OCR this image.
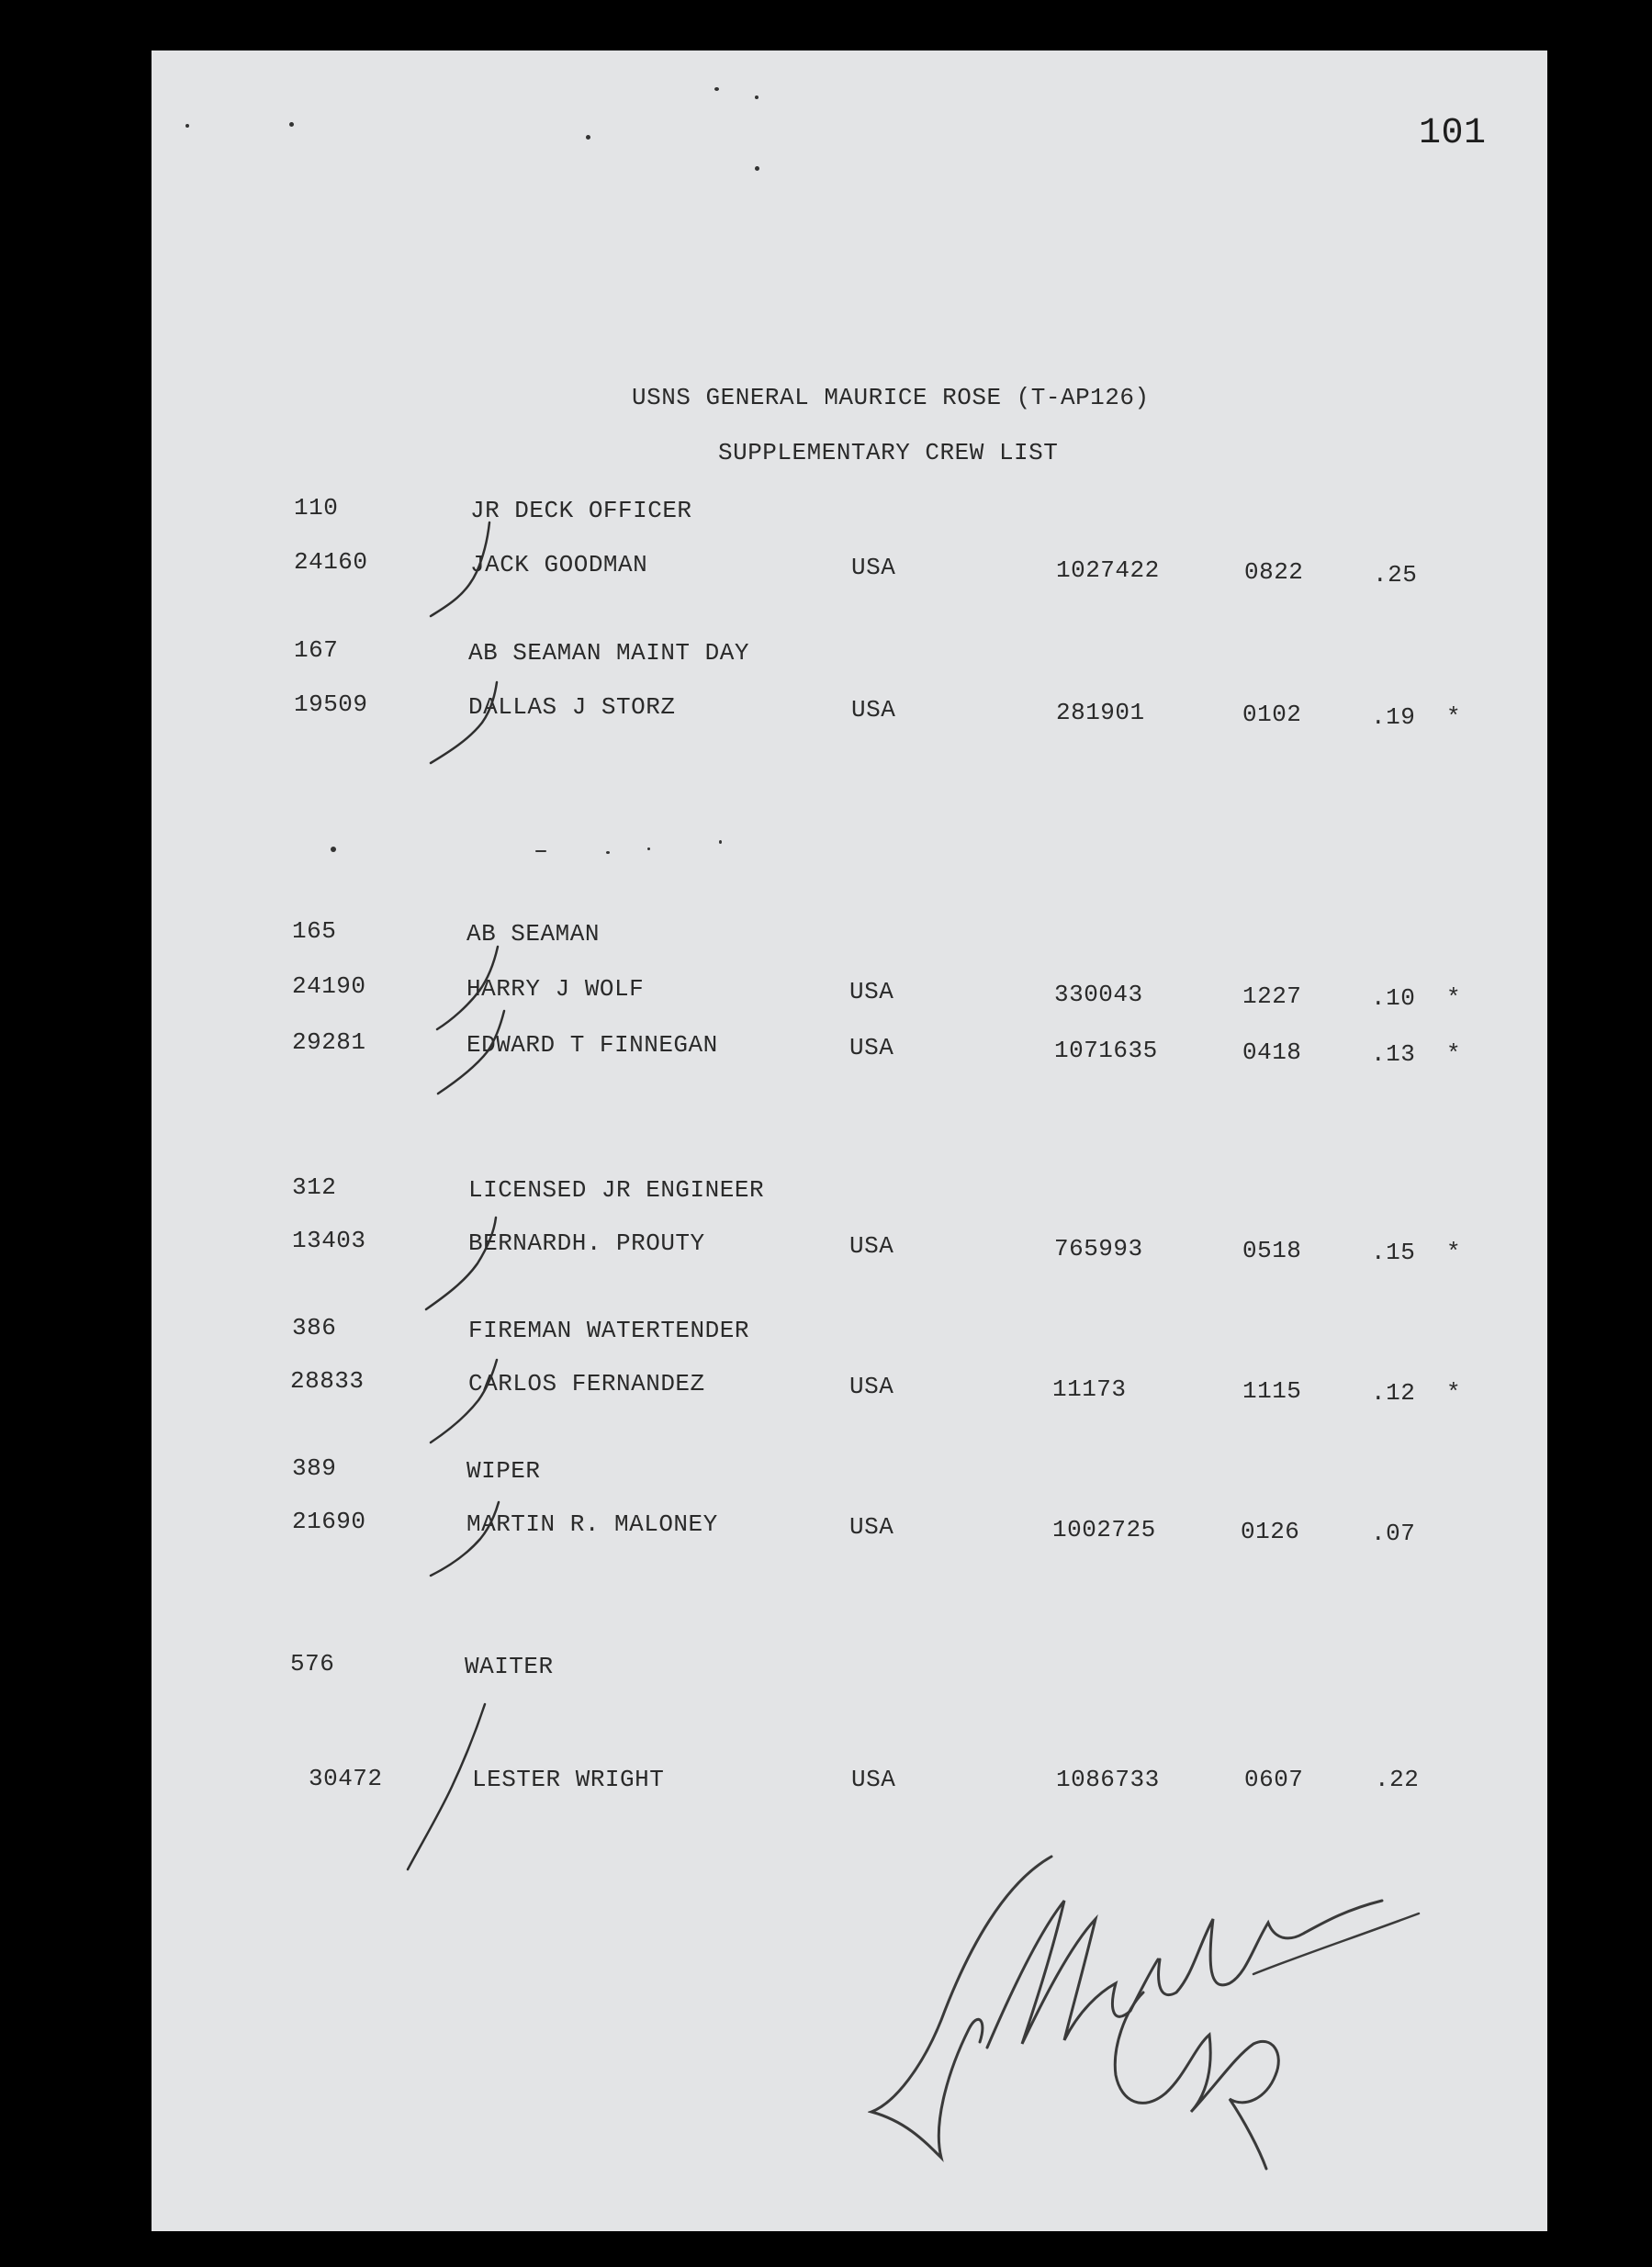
101
USNS GENERAL MAURICE ROSE (T-AP126)
SUPPLEMENTARY CREW LIST
110	JR DECK OFFICER
24160	JACK GOODMAN	USA	1027422	0822	.25
167	AB SEAMAN MAINT DAY
19509	DALLAS J STORZ	USA	281901	0102	.19 *
165	AB SEAMAN
24190	HARRY J WOLF	USA	330043	1227	.10 *
29281	EDWARD T FINNEGAN	USA	1071635	0418	.13 *
312	LICENSED JR ENGINEER
13403	BERNARDH. PROUTY	USA	765993	0518	.15 *
386	FIREMAN WATERTENDER
28833	CARLOS FERNANDEZ	USA	11173	1115	.12 *
389	WIPER
21690	MARTIN R. MALONEY	USA	1002725	0126	.07
576	WAITER
30472	LESTER WRIGHT	USA	1086733	0607	.22
